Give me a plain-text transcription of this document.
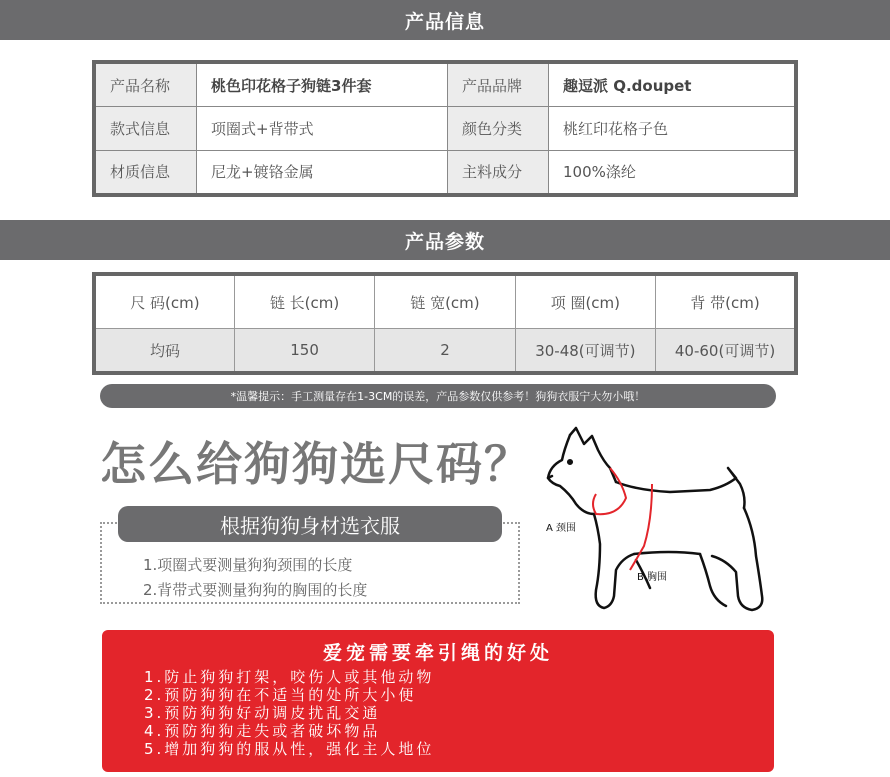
产品信息
产品名称	桃色印花格子狗链3件套	产品品牌	趣逗派 Q.doupet
款式信息	项圈式+背带式	颜色分类	桃红印花格子色
材质信息	尼龙+镀铬金属	主料成分	100%涤纶
产品参数
尺 码(cm)	链 长(cm)	链 宽(cm)	项 圈(cm)	背 带(cm)
均码	150	2	30-48(可调节)	40-60(可调节)
*温馨提示：手工测量存在1-3CM的误差，产品参数仅供参考！狗狗衣服宁大勿小哦！
怎么给狗狗选尺码？
根据狗狗身材选衣服
1.项圈式要测量狗狗颈围的长度
2.背带式要测量狗狗的胸围的长度
A 颈围
B 胸围
爱宠需要牵引绳的好处
1.防止狗狗打架，咬伤人或其他动物
2.预防狗狗在不适当的处所大小便
3.预防狗狗好动调皮扰乱交通
4.预防狗狗走失或者破坏物品
5.增加狗狗的服从性，强化主人地位
